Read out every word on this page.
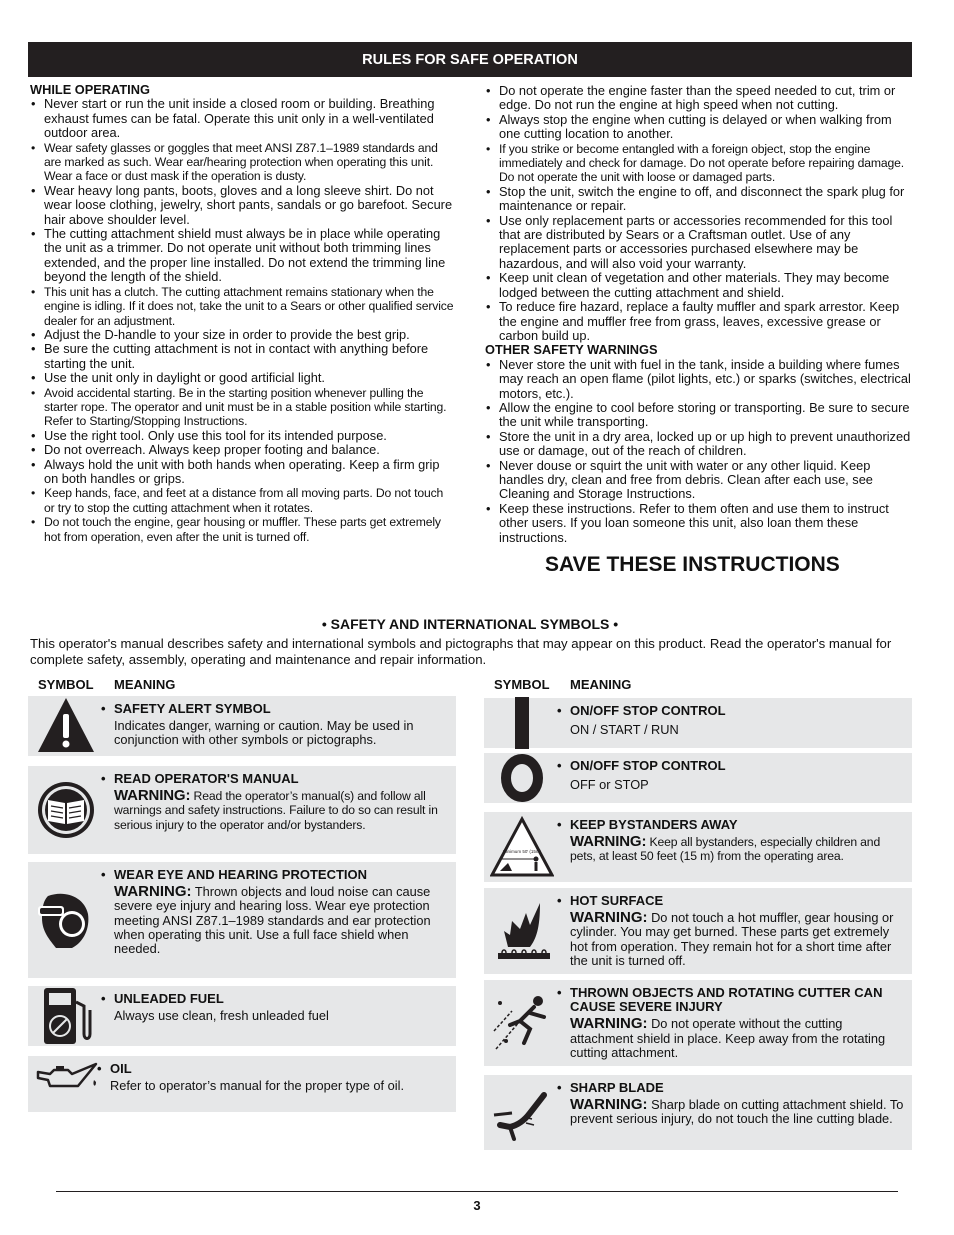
RULES FOR SAFE OPERATION

WHILE OPERATING

• Never start or run the unit inside a closed room or building. Breathing exhaust fumes can be fatal. Operate this unit only in a well-ventilated outdoor area.
• Wear safety glasses or goggles that meet ANSI Z87.1–1989 standards and are marked as such. Wear ear/hearing protection when operating this unit. Wear a face or dust mask if the operation is dusty.
• Wear heavy long pants, boots, gloves and a long sleeve shirt. Do not wear loose clothing, jewelry, short pants, sandals or go barefoot. Secure hair above shoulder level.
• The cutting attachment shield must always be in place while operating the unit as a trimmer. Do not operate unit without both trimming lines extended, and the proper line installed. Do not extend the trimming line beyond the length of the shield.
• This unit has a clutch. The cutting attachment remains stationary when the engine is idling. If it does not, take the unit to a Sears or other qualified service dealer for an adjustment.
• Adjust the D-handle to your size in order to provide the best grip.
• Be sure the cutting attachment is not in contact with anything before starting the unit.
• Use the unit only in daylight or good artificial light.
• Avoid accidental starting. Be in the starting position whenever pulling the starter rope. The operator and unit must be in a stable position while starting. Refer to Starting/Stopping Instructions.
• Use the right tool. Only use this tool for its intended purpose.
• Do not overreach. Always keep proper footing and balance.
• Always hold the unit with both hands when operating. Keep a firm grip on both handles or grips.
• Keep hands, face, and feet at a distance from all moving parts. Do not touch or try to stop the cutting attachment when it rotates.
• Do not touch the engine, gear housing or muffler. These parts get extremely hot from operation, even after the unit is turned off.
• Do not operate the engine faster than the speed needed to cut, trim or edge. Do not run the engine at high speed when not cutting.
• Always stop the engine when cutting is delayed or when walking from one cutting location to another.
• If you strike or become entangled with a foreign object, stop the engine immediately and check for damage. Do not operate before repairing damage. Do not operate the unit with loose or damaged parts.
• Stop the unit, switch the engine to off, and disconnect the spark plug for maintenance or repair.
• Use only replacement parts or accessories recommended for this tool that are distributed by Sears or a Craftsman outlet. Use of any replacement parts or accessories purchased elsewhere may be hazardous, and will also void your warranty.
• Keep unit clean of vegetation and other materials. They may become lodged between the cutting attachment and shield.
• To reduce fire hazard, replace a faulty muffler and spark arrestor. Keep the engine and muffler free from grass, leaves, excessive grease or carbon build up.

OTHER SAFETY WARNINGS

• Never store the unit with fuel in the tank, inside a building where fumes may reach an open flame (pilot lights, etc.) or sparks (switches, electrical motors, etc.).
• Allow the engine to cool before storing or transporting. Be sure to secure the unit while transporting.
• Store the unit in a dry area, locked up or up high to prevent unauthorized use or damage, out of the reach of children.
• Never douse or squirt the unit with water or any other liquid. Keep handles dry, clean and free from debris. Clean after each use, see Cleaning and Storage Instructions.
• Keep these instructions. Refer to them often and use them to instruct other users. If you loan someone this unit, also loan them these instructions.
SAVE THESE INSTRUCTIONS
• SAFETY AND INTERNATIONAL SYMBOLS •
This operator's manual describes safety and international symbols and pictographs that may appear on this product. Read the operator's manual for complete safety, assembly, operating and maintenance and repair information.
SYMBOL MEANING	SYMBOL MEANING
• SAFETY ALERT SYMBOL
Indicates danger, warning or caution. May be used in conjunction with other symbols or pictographs.
• READ OPERATOR'S MANUAL
WARNING: Read the operator’s manual(s) and follow all warnings and safety instructions. Failure to do so can result in serious injury to the operator and/or bystanders.
• WEAR EYE AND HEARING PROTECTION
WARNING: Thrown objects and loud noise can cause severe eye injury and hearing loss. Wear eye protection meeting ANSI Z87.1–1989 standards and ear protection when operating this unit. Use a full face shield when needed.
• UNLEADED FUEL
Always use clean, fresh unleaded fuel
• OIL
Refer to operator’s manual for the proper type of oil.
• ON/OFF STOP CONTROL
ON / START / RUN
• ON/OFF STOP CONTROL
OFF or STOP
Minimum 50' (15m)
• KEEP BYSTANDERS AWAY
WARNING: Keep all bystanders, especially children and pets, at least 50 feet (15 m) from the operating area.
• HOT SURFACE
WARNING: Do not touch a hot muffler, gear housing or cylinder. You may get burned. These parts get extremely hot from operation. They remain hot for a short time after the unit is turned off.
• THROWN OBJECTS AND ROTATING CUTTER CAN CAUSE SEVERE INJURY
WARNING: Do not operate without the cutting attachment shield in place. Keep away from the rotating cutting attachment.
• SHARP BLADE
WARNING: Sharp blade on cutting attachment shield. To prevent serious injury, do not touch the line cutting blade.
3
